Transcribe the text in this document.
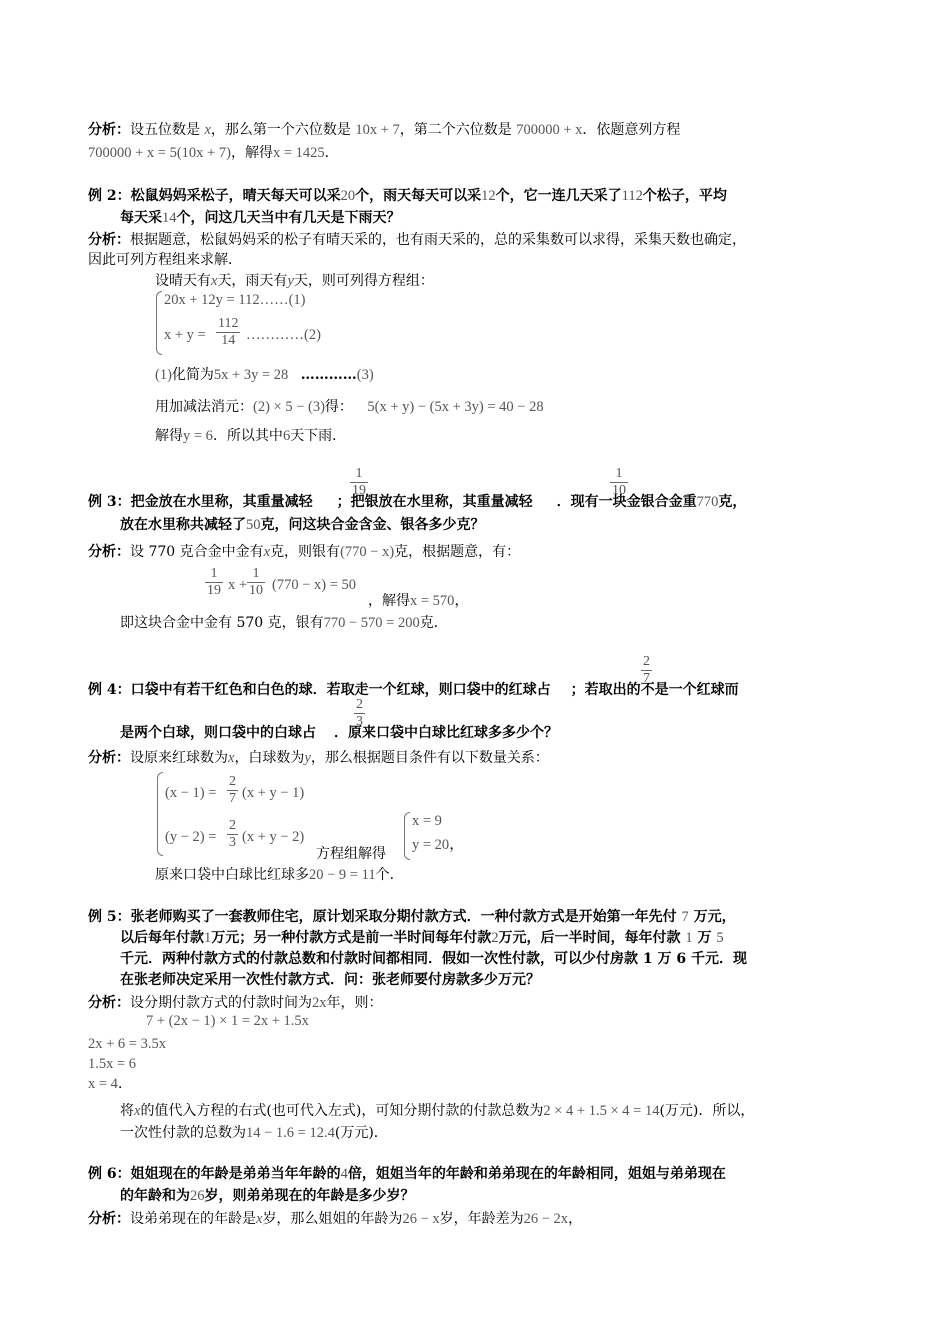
分析：设五位数是 x，那么第一个六位数是 10x + 7，第二个六位数是 700000 + x．依题意列方程
700000 + x = 5(10x + 7)，解得x = 1425．
例 2：松鼠妈妈采松子，晴天每天可以采20个，雨天每天可以采12个，它一连几天采了112个松子，平均
每天采14个，问这几天当中有几天是下雨天？
分析：根据题意，松鼠妈妈采的松子有晴天采的，也有雨天采的，总的采集数可以求得，采集天数也确定，
因此可列方程组来求解．
设晴天有x天，雨天有y天，则可列得方程组：
20x + 12y = 112……(1)
x + y =
112
14 …………(2)
(1)化简为5x + 3y = 28 …………(3)
用加减法消元：(2) × 5 − (3)得： 5(x + y) − (5x + 3y) = 40 − 28
解得y = 6．所以其中6天下雨．
例 3：把金放在水里称，其重量减轻 ；把银放在水里称，其重量减轻 ．现有一块金银合金重770克，
1
19
1
10
放在水里称共减轻了50克，问这块合金含金、银各多少克？
分析：设 770 克合金中金有x克，则银有(770 − x)克，根据题意，有：
1
19 x +
1
10 (770 − x) = 50
，解得x = 570，
即这块合金中金有 570 克，银有770 − 570 = 200克．
例 4：口袋中有若干红色和白色的球．若取走一个红球，则口袋中的红球占 ；若取出的不是一个红球而
2
7
是两个白球，则口袋中的白球占 ．原来口袋中白球比红球多多少个？
2
3
分析：设原来红球数为x，白球数为y，那么根据题目条件有以下数量关系：
(x − 1) =
2
7 (x + y − 1)
(y − 2) =
2
3 (x + y − 2)
方程组解得
x = 9
y = 20，
原来口袋中白球比红球多20 − 9 = 11个．
例 5：张老师购买了一套教师住宅，原计划采取分期付款方式．一种付款方式是开始第一年先付 7 万元，
以后每年付款1万元；另一种付款方式是前一半时间每年付款2万元，后一半时间，每年付款 1 万 5
千元．两种付款方式的付款总数和付款时间都相同．假如一次性付款，可以少付房款 1 万 6 千元．现
在张老师决定采用一次性付款方式．问：张老师要付房款多少万元？
分析：设分期付款方式的付款时间为2x年，则：
7 + (2x − 1) × 1 = 2x + 1.5x
2x + 6 = 3.5x
1.5x = 6
x = 4．
将x的值代入方程的右式(也可代入左式)，可知分期付款的付款总数为2 × 4 + 1.5 × 4 = 14(万元)．所以，
一次性付款的总数为14 − 1.6 = 12.4(万元)．
例 6：姐姐现在的年龄是弟弟当年年龄的4倍，姐姐当年的年龄和弟弟现在的年龄相同，姐姐与弟弟现在
的年龄和为26岁，则弟弟现在的年龄是多少岁？
分析：设弟弟现在的年龄是x岁，那么姐姐的年龄为26 − x岁，年龄差为26 − 2x，
